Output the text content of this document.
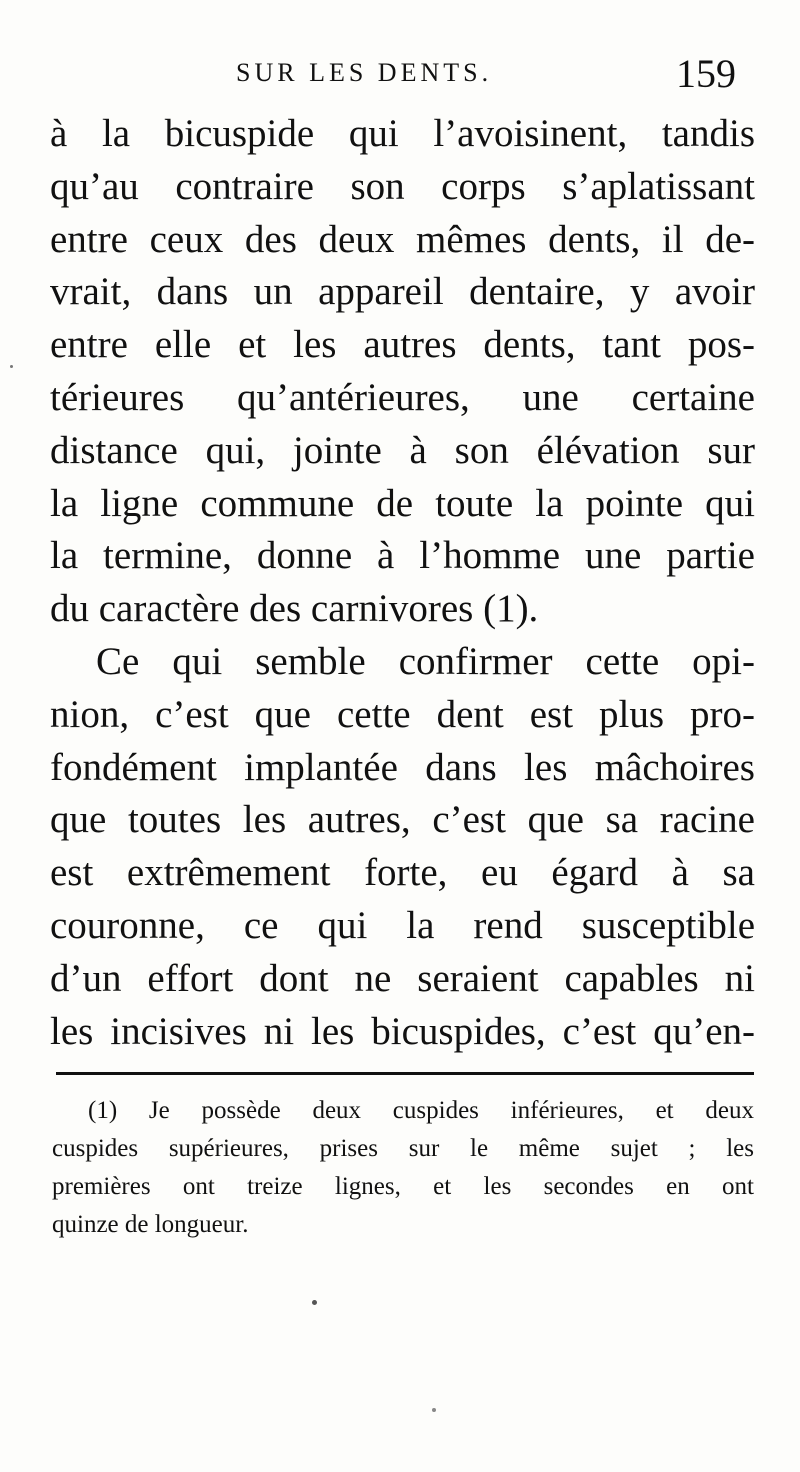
SUR LES DENTS.	159
à la bicuspide qui l’avoisinent, tandis
qu’au contraire son corps s’aplatissant
entre ceux des deux mêmes dents, il de-
vrait, dans un appareil dentaire, y avoir
entre elle et les autres dents, tant pos-
térieures qu’antérieures, une certaine
distance qui, jointe à son élévation sur
la ligne commune de toute la pointe qui
la termine, donne à l’homme une partie
du caractère des carnivores (1).
Ce qui semble confirmer cette opi-
nion, c’est que cette dent est plus pro-
fondément implantée dans les mâchoires
que toutes les autres, c’est que sa racine
est extrêmement forte, eu égard à sa
couronne, ce qui la rend susceptible
d’un effort dont ne seraient capables ni
les incisives ni les bicuspides, c’est qu’en-
(1) Je possède deux cuspides inférieures, et deux
cuspides supérieures, prises sur le même sujet ; les
premières ont treize lignes, et les secondes en ont
quinze de longueur.
